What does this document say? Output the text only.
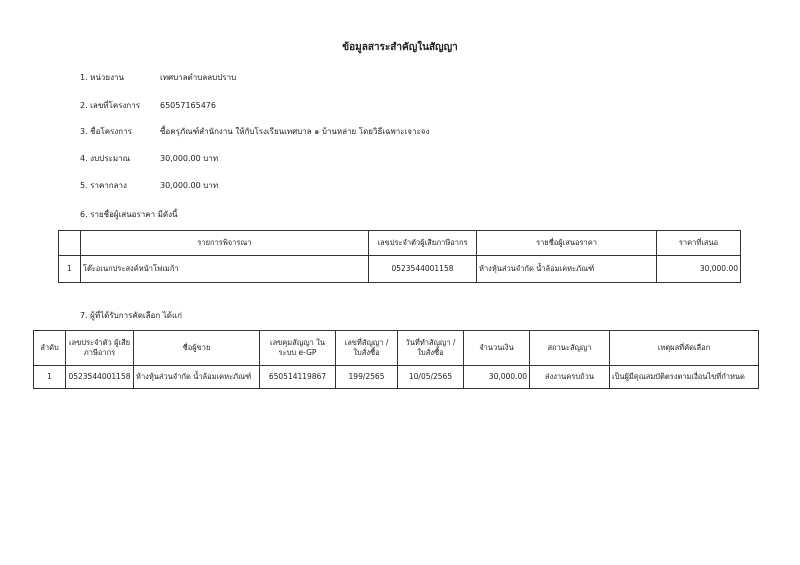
ข้อมูลสาระสำคัญในสัญญา
1. หน่วยงาน	เทศบาลตำบลลบปราบ
2. เลขที่โครงการ 65057165476
3. ชื่อโครงการ	ซื้อครุภัณฑ์สำนักงาน ให้กับโรงเรียนเทศบาล ๑ บ้านหล่าย โดยวิธีเฉพาะเจาะจง
4. งบประมาณ	30,000.00 บาท
5. ราคากลาง	30,000.00 บาท
6. รายชื่อผู้เสนอราคา มีดังนี้
	รายการพิจารณา	เลขประจำตัวผู้เสียภาษีอากร	รายชื่อผู้เสนอราคา	ราคาที่เสนอ
1	โต๊ะอเนกประสงค์หน้าโฟเมก้า	0523544001158	ห้างหุ้นส่วนจำกัด น้ำล้อมเคหะภัณฑ์	30,000.00
7. ผู้ที่ได้รับการคัดเลือก ได้แก่
ลำดับ	เลขประจำตัว ผู้เสียภาษีอากร	ชื่อผู้ขาย	เลขคุมสัญญา ในระบบ e-GP	เลขที่สัญญา / ใบสั่งซื้อ	วันที่ทำสัญญา / ใบสั่งซื้อ	จำนวนเงิน	สถานะสัญญา	เหตุผลที่คัดเลือก
1	0523544001158	ห้างหุ้นส่วนจำกัด น้ำล้อมเคหะภัณฑ์	650514119867	199/2565	10/05/2565	30,000.00	ส่งงานครบถ้วน	เป็นผู้มีคุณสมบัติตรงตามเงื่อนไขที่กำหนด
